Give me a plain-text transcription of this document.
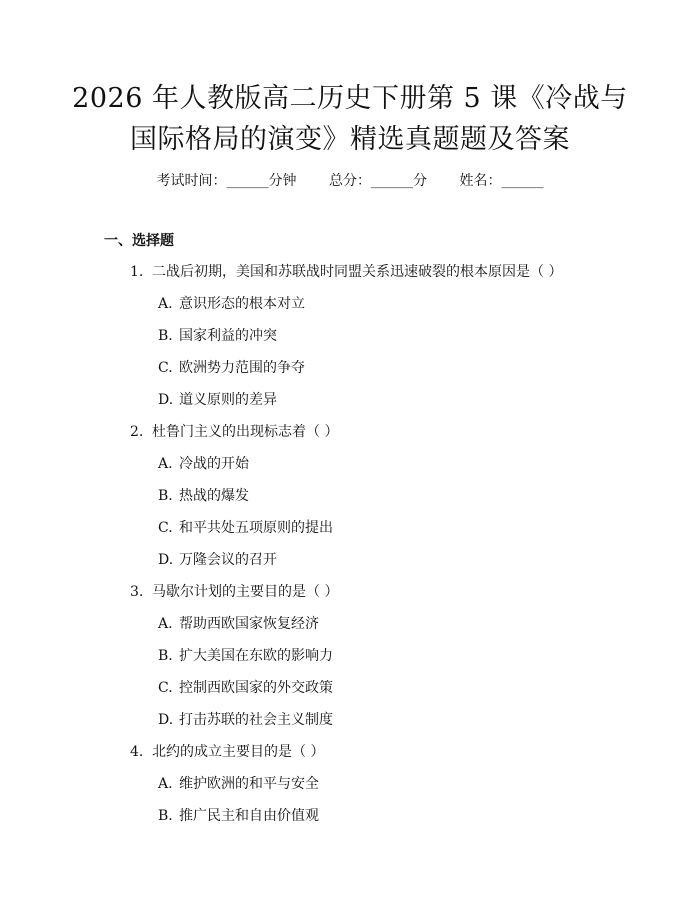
2026 年人教版高二历史下册第 5 课《冷战与
国际格局的演变》精选真题题及答案
考试时间：______分钟 总分：______分 姓名：______
一、选择题
1. 二战后初期，美国和苏联战时同盟关系迅速破裂的根本原因是（ ）
A. 意识形态的根本对立
B. 国家利益的冲突
C. 欧洲势力范围的争夺
D. 道义原则的差异
2. 杜鲁门主义的出现标志着（ ）
A. 冷战的开始
B. 热战的爆发
C. 和平共处五项原则的提出
D. 万隆会议的召开
3. 马歇尔计划的主要目的是（ ）
A. 帮助西欧国家恢复经济
B. 扩大美国在东欧的影响力
C. 控制西欧国家的外交政策
D. 打击苏联的社会主义制度
4. 北约的成立主要目的是（ ）
A. 维护欧洲的和平与安全
B. 推广民主和自由价值观
